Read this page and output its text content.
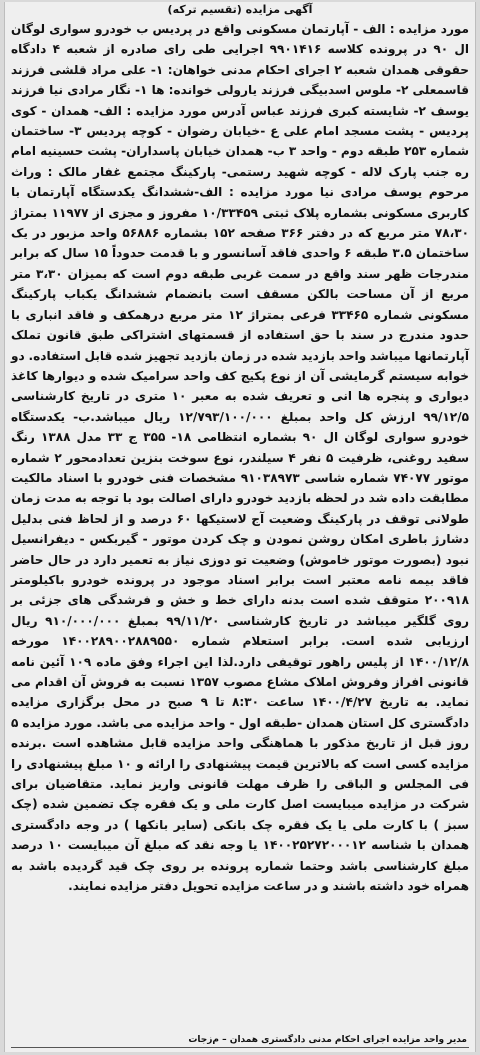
آگهی مزایده (تقسیم ترکه)

مورد مزایده : الف - آپارتمان مسکونی واقع در پردیس ب خودرو سواری لوگان ال ۹۰ در پرونده کلاسه ۹۹۰۱۴۱۶ اجرایی طی رای صادره از شعبه ۴ دادگاه حقوقی همدان شعبه ۲ اجرای احکام مدنی خواهان: ۱- علی مراد قلشی فرزند قاسمعلی ۲- ملوس اسدبیگی فرزند یارولی خوانده: ها ۱- نگار مرادی نیا فرزند یوسف ۲- شایسته کبری فرزند عباس آدرس مورد مزایده : الف- همدان - کوی پردیس - پشت مسجد امام علی ع -خیابان رضوان - کوچه پردیس ۳- ساختمان شماره ۲۵۳ طبقه دوم - واحد ۳ ب- همدان خیابان پاسداران- پشت حسینیه امام ره جنب پارک لاله - کوچه شهید رستمی- پارکینگ مجتمع غفار مالک : وراث مرحوم یوسف مرادی نیا مورد مزایده : الف-ششدانگ یکدستگاه آپارتمان با کاربری مسکونی بشماره پلاک ثبتی ۱۰/۳۳۴۵۹ مفروز و مجزی از ۱۱۹۷۷ بمتراژ ۷۸،۳۰ متر مربع که در دفتر ۳۶۶ صفحه ۱۵۲ بشماره ۵۶۸۸۶ واحد مزبور در یک ساختمان ۳.۵ طبقه ۶ واحدی فاقد آسانسور و با قدمت حدوداً ۱۵ سال که برابر مندرجات ظهر سند واقع در سمت غربی طبقه دوم است که بمیزان ۳،۳۰ متر مربع از آن مساحت بالکن مسقف است بانضمام ششدانگ یکباب پارکینگ مسکونی شماره ۳۳۴۶۵ فرعی بمتراژ ۱۲ متر مربع درهمکف و فاقد انباری با حدود مندرج در سند با حق استفاده از قسمتهای اشتراکی طبق قانون تملک آپارتمانها میباشد واحد بازدید شده در زمان بازدید تجهیز شده قابل استفاده. دو خوابه سیستم گرمایشی آن از نوع پکیج کف واحد سرامیک شده و دیوارها کاغذ دیواری و پنجره ها انی و تعریف شده به معبر ۱۰ متری در تاریخ کارشناسی ۹۹/۱۲/۵ ارزش کل واحد بمبلغ ۱۲/۷۹۳/۱۰۰/۰۰۰ ریال میباشد.ب- یکدستگاه خودرو سواری لوگان ال ۹۰ بشماره انتظامی ۱۸- ۳۵۵ ج ۳۳ مدل ۱۳۸۸ رنگ سفید روغنی، ظرفیت ۵ نفر ۴ سیلندر، نوع سوخت بنزین تعدادمحور ۲ شماره موتور ۷۴۰۷۷ شماره شاسی ۹۱۰۳۸۹۷۳ مشخصات فنی خودرو با اسناد مالکیت مطابقت داده شد در لحظه بازدید خودرو دارای اصالت بود با توجه به مدت زمان طولانی توقف در پارکینگ وضعیت آج لاستیکها ۶۰ درصد و از لحاظ فنی بدلیل دشارژ باطری امکان روشن نمودن و چک کردن موتور - گیربکس - دیفرانسیل نبود (بصورت موتور خاموش) وضعیت تو دوزی نیاز به تعمیر دارد در حال حاضر فاقد بیمه نامه معتبر است برابر اسناد موجود در پرونده خودرو باکیلومتر ۲۰۰۹۱۸ متوقف شده است بدنه دارای خط و خش و فرشدگی های جزئی بر روی گلگیر میباشد در تاریخ کارشناسی ۹۹/۱۱/۲۰ بمبلغ ۹۱۰/۰۰۰/۰۰۰ ریال ارزیابی شده است. برابر استعلام شماره ۱۴۰۰۲۸۹۰۰۲۸۸۹۵۵۰ مورخه ۱۴۰۰/۱۲/۸ از پلیس راهور توقیفی دارد.لذا این اجراء وفق ماده ۱۰۹ آئین نامه قانونی افراز وفروش املاک مشاع مصوب ۱۳۵۷ نسبت به فروش آن اقدام می نماید. به تاریخ ۱۴۰۰/۴/۲۷ ساعت ۸:۳۰ تا ۹ صبح در محل برگزاری مزایده دادگستری کل استان همدان -طبقه اول - واحد مزایده می باشد. مورد مزایده ۵ روز قبل از تاریخ مذکور با هماهنگی واحد مزایده قابل مشاهده است .برنده مزایده کسی است که بالاترین قیمت پیشنهادی را ارائه و ۱۰ مبلغ پیشنهادی را فی المجلس و الباقی را ظرف مهلت قانونی واریز نماید. متقاضیان برای شرکت در مزایده میبایست اصل کارت ملی و یک فقره چک تضمین شده (چک سبز ) با کارت ملی یا یک فقره چک بانکی (سایر بانکها ) در وجه دادگستری همدان با شناسه ۱۴۰۰۲۵۲۷۲۰۰۰۱۲ یا وجه نقد که مبلغ آن میبایست ۱۰ درصد مبلغ کارشناسی باشد وحتما شماره پرونده بر روی چک قید گردیده باشد به همراه خود داشته باشند و در ساعت مزایده تحویل دفتر مزایده نمایند.

مدیر واحد مزایده اجرای احکام مدنی دادگستری همدان – م‌زجات
